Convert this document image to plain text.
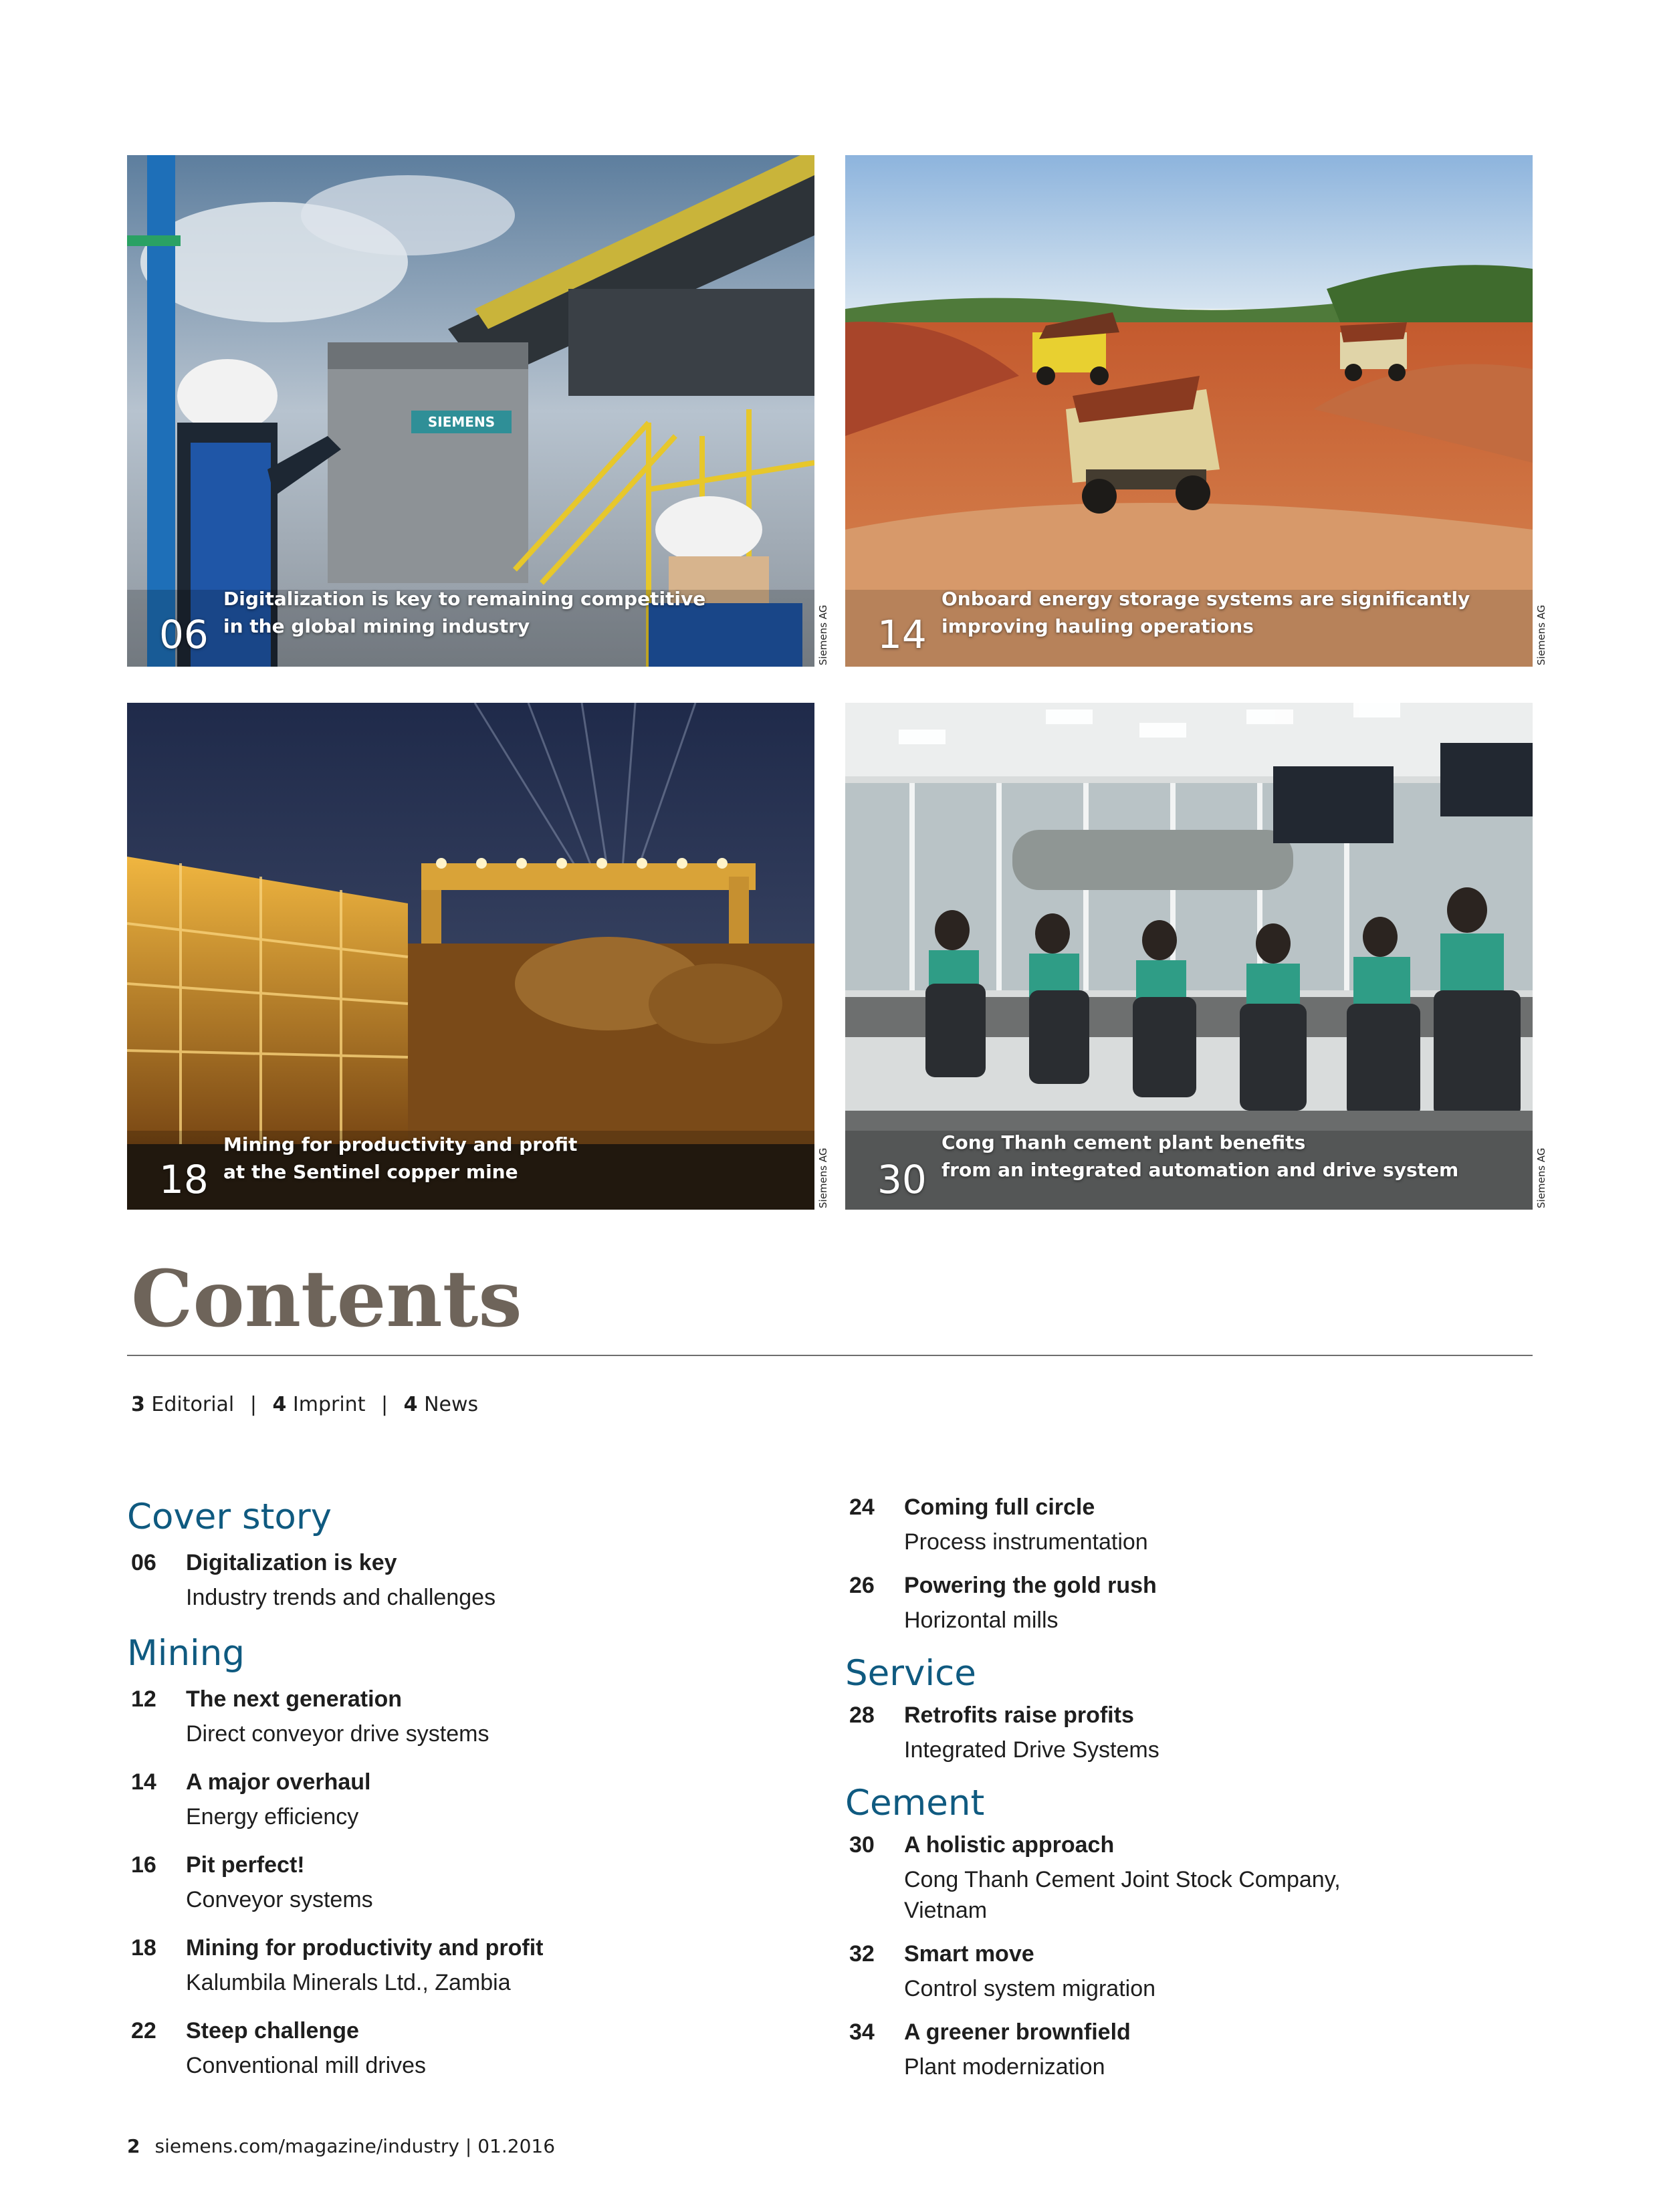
SIEMENS
06
Digitalization is key to remaining competitive
in the global mining industry	Siemens AG 14
Onboard energy storage systems are significantly
improving hauling operations	Siemens AG
18
Mining for productivity and profit
at the Sentinel copper mine	Siemens AG 30
Cong Thanh cement plant benefits
from an integrated automation and drive system	Siemens AG
Contents
3 Editorial | 4 Imprint | 4 News
Cover story
06 Digitalization is key
Industry trends and challenges
Mining
12 The next generation
Direct conveyor drive systems
14 A major overhaul
Energy efficiency
16 Pit perfect!
Conveyor systems
18 Mining for productivity and profit
Kalumbila Minerals Ltd., Zambia
22 Steep challenge
Conventional mill drives
24 Coming full circle
Process instrumentation
26 Powering the gold rush
Horizontal mills
Service
28 Retrofits raise profits
Integrated Drive Systems
Cement
30 A holistic approach
Cong Thanh Cement Joint Stock Company,
Vietnam
32 Smart move
Control system migration
34 A greener brownfield
Plant modernization
2 siemens.com/magazine/industry | 01.2016
